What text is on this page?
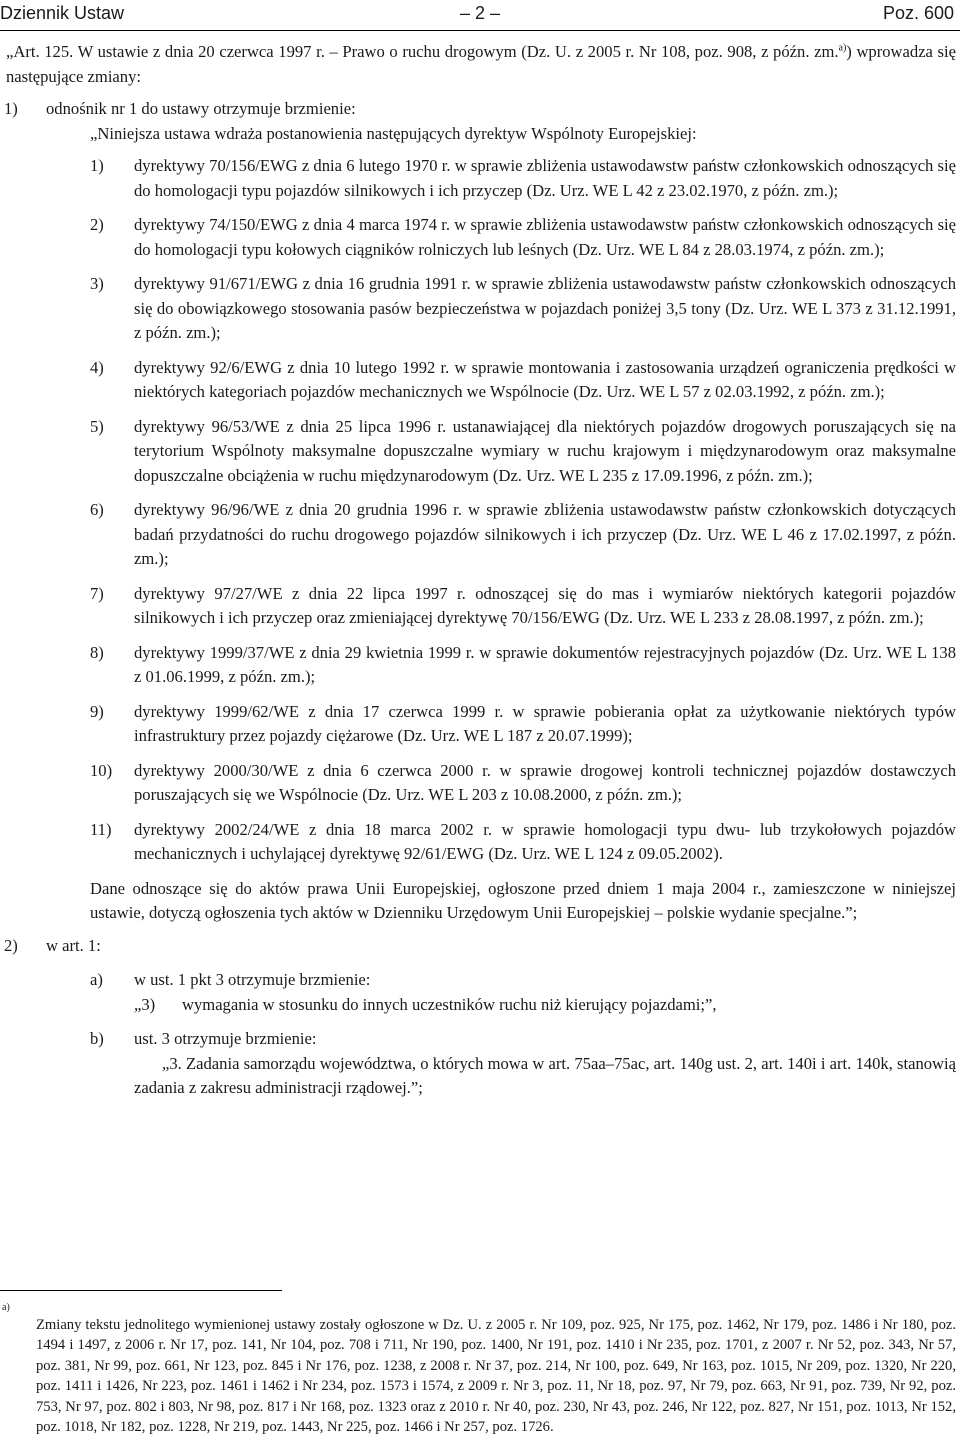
– 2 –
Dziennik Ustaw	Poz. 600

„Art. 125. W ustawie z dnia 20 czerwca 1997 r. – Prawo o ruchu drogowym (Dz. U. z 2005 r. Nr 108, poz. 908, z późn. zm.$^{a)}$) wprowadza się następujące zmiany:

1) odnośnik nr 1 do ustawy otrzymuje brzmienie:

„Niniejsza ustawa wdraża postanowienia następujących dyrektyw Wspólnoty Europejskiej:

1) dyrektywy 70/156/EWG z dnia 6 lutego 1970 r. w sprawie zbliżenia ustawodawstw państw członkowskich odnoszących się do homologacji typu pojazdów silnikowych i ich przyczep (Dz. Urz. WE L 42 z 23.02.1970, z późn. zm.);
2) dyrektywy 74/150/EWG z dnia 4 marca 1974 r. w sprawie zbliżenia ustawodawstw państw członkowskich odnoszących się do homologacji typu kołowych ciągników rolniczych lub leśnych (Dz. Urz. WE L 84 z 28.03.1974, z późn. zm.);
3) dyrektywy 91/671/EWG z dnia 16 grudnia 1991 r. w sprawie zbliżenia ustawodawstw państw członkowskich odnoszących się do obowiązkowego stosowania pasów bezpieczeństwa w pojazdach poniżej 3,5 tony (Dz. Urz. WE L 373 z 31.12.1991, z późn. zm.);
4) dyrektywy 92/6/EWG z dnia 10 lutego 1992 r. w sprawie montowania i zastosowania urządzeń ograniczenia prędkości w niektórych kategoriach pojazdów mechanicznych we Wspólnocie (Dz. Urz. WE L 57 z 02.03.1992, z późn. zm.);
5) dyrektywy 96/53/WE z dnia 25 lipca 1996 r. ustanawiającej dla niektórych pojazdów drogowych poruszających się na terytorium Wspólnoty maksymalne dopuszczalne wymiary w ruchu krajowym i międzynarodowym oraz maksymalne dopuszczalne obciążenia w ruchu międzynarodowym (Dz. Urz. WE L 235 z 17.09.1996, z późn. zm.);
6) dyrektywy 96/96/WE z dnia 20 grudnia 1996 r. w sprawie zbliżenia ustawodawstw państw członkowskich dotyczących badań przydatności do ruchu drogowego pojazdów silnikowych i ich przyczep (Dz. Urz. WE L 46 z 17.02.1997, z późn. zm.);
7) dyrektywy 97/27/WE z dnia 22 lipca 1997 r. odnoszącej się do mas i wymiarów niektórych kategorii pojazdów silnikowych i ich przyczep oraz zmieniającej dyrektywę 70/156/EWG (Dz. Urz. WE L 233 z 28.08.1997, z późn. zm.);
8) dyrektywy 1999/37/WE z dnia 29 kwietnia 1999 r. w sprawie dokumentów rejestracyjnych pojazdów (Dz. Urz. WE L 138 z 01.06.1999, z późn. zm.);
9) dyrektywy 1999/62/WE z dnia 17 czerwca 1999 r. w sprawie pobierania opłat za użytkowanie niektórych typów infrastruktury przez pojazdy ciężarowe (Dz. Urz. WE L 187 z 20.07.1999);
10) dyrektywy 2000/30/WE z dnia 6 czerwca 2000 r. w sprawie drogowej kontroli technicznej pojazdów dostawczych poruszających się we Wspólnocie (Dz. Urz. WE L 203 z 10.08.2000, z późn. zm.);
11) dyrektywy 2002/24/WE z dnia 18 marca 2002 r. w sprawie homologacji typu dwu- lub trzykołowych pojazdów mechanicznych i uchylającej dyrektywę 92/61/EWG (Dz. Urz. WE L 124 z 09.05.2002).

Dane odnoszące się do aktów prawa Unii Europejskiej, ogłoszone przed dniem 1 maja 2004 r., zamieszczone w niniejszej ustawie, dotyczą ogłoszenia tych aktów w Dzienniku Urzędowym Unii Europejskiej – polskie wydanie specjalne.”;

2) w art. 1:
a) w ust. 1 pkt 3 otrzymuje brzmienie:

„3) wymagania w stosunku do innych uczestników ruchu niż kierujący pojazdami;”,

b) ust. 3 otrzymuje brzmienie:

„3. Zadania samorządu województwa, o których mowa w art. 75aa–75ac, art. 140g ust. 2, art. 140i i art. 140k, stanowią zadania z zakresu administracji rządowej.”;

a)

Zmiany tekstu jednolitego wymienionej ustawy zostały ogłoszone w Dz. U. z 2005 r. Nr 109, poz. 925, Nr 175, poz. 1462, Nr 179, poz. 1486 i Nr 180, poz. 1494 i 1497, z 2006 r. Nr 17, poz. 141, Nr 104, poz. 708 i 711, Nr 190, poz. 1400, Nr 191, poz. 1410 i Nr 235, poz. 1701, z 2007 r. Nr 52, poz. 343, Nr 57, poz. 381, Nr 99, poz. 661, Nr 123, poz. 845 i Nr 176, poz. 1238, z 2008 r. Nr 37, poz. 214, Nr 100, poz. 649, Nr 163, poz. 1015, Nr 209, poz. 1320, Nr 220, poz. 1411 i 1426, Nr 223, poz. 1461 i 1462 i Nr 234, poz. 1573 i 1574, z 2009 r. Nr 3, poz. 11, Nr 18, poz. 97, Nr 79, poz. 663, Nr 91, poz. 739, Nr 92, poz. 753, Nr 97, poz. 802 i 803, Nr 98, poz. 817 i Nr 168, poz. 1323 oraz z 2010 r. Nr 40, poz. 230, Nr 43, poz. 246, Nr 122, poz. 827, Nr 151, poz. 1013, Nr 152, poz. 1018, Nr 182, poz. 1228, Nr 219, poz. 1443, Nr 225, poz. 1466 i Nr 257, poz. 1726.
